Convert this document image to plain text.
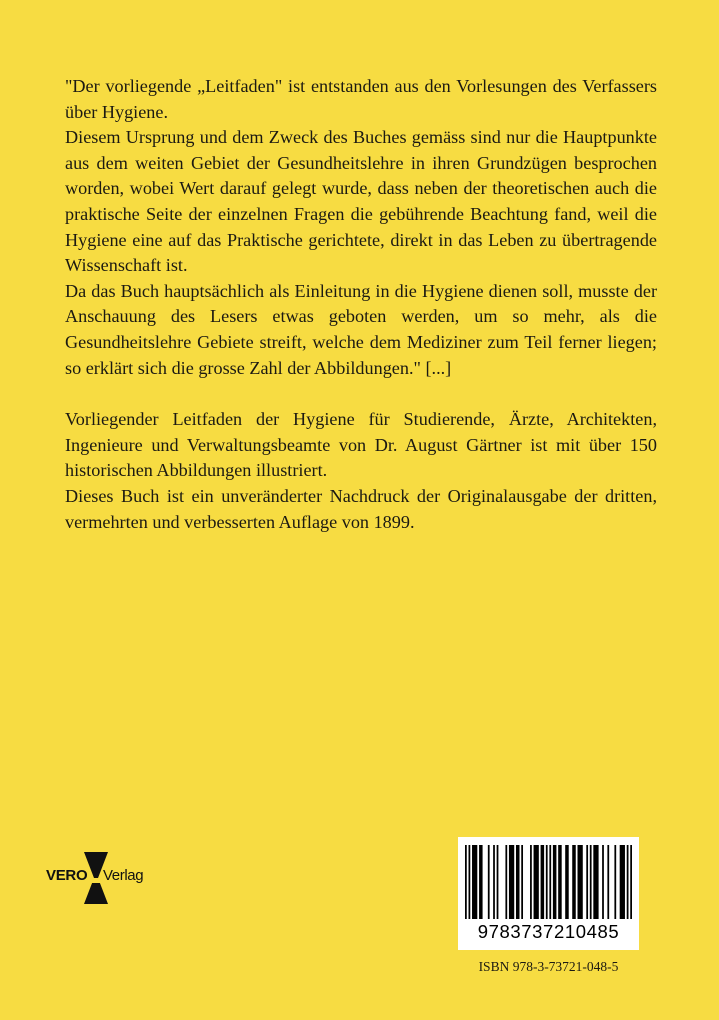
"Der vorliegende „Leitfaden" ist entstanden aus den Vorlesungen des Verfassers über Hygiene.

Diesem Ursprung und dem Zweck des Buches gemäss sind nur die Hauptpunkte aus dem weiten Gebiet der Gesundheitslehre in ihren Grundzügen besprochen worden, wobei Wert darauf gelegt wurde, dass neben der theoretischen auch die praktische Seite der einzelnen Fragen die gebührende Beachtung fand, weil die Hygiene eine auf das Praktische gerichtete, direkt in das Leben zu übertragende Wissenschaft ist.

Da das Buch hauptsächlich als Einleitung in die Hygiene dienen soll, musste der Anschauung des Lesers etwas geboten werden, um so mehr, als die Gesundheitslehre Gebiete streift, welche dem Mediziner zum Teil ferner liegen; so erklärt sich die grosse Zahl der Abbildungen." [...]

Vorliegender Leitfaden der Hygiene für Studierende, Ärzte, Architekten, Ingenieure und Verwaltungsbeamte von Dr. August Gärtner ist mit über 150 historischen Abbildungen illustriert.

Dieses Buch ist ein unveränderter Nachdruck der Originalausgabe der dritten, vermehrten und verbesserten Auflage von 1899.

VERO Verlag
9783737210485
ISBN 978-3-73721-048-5
